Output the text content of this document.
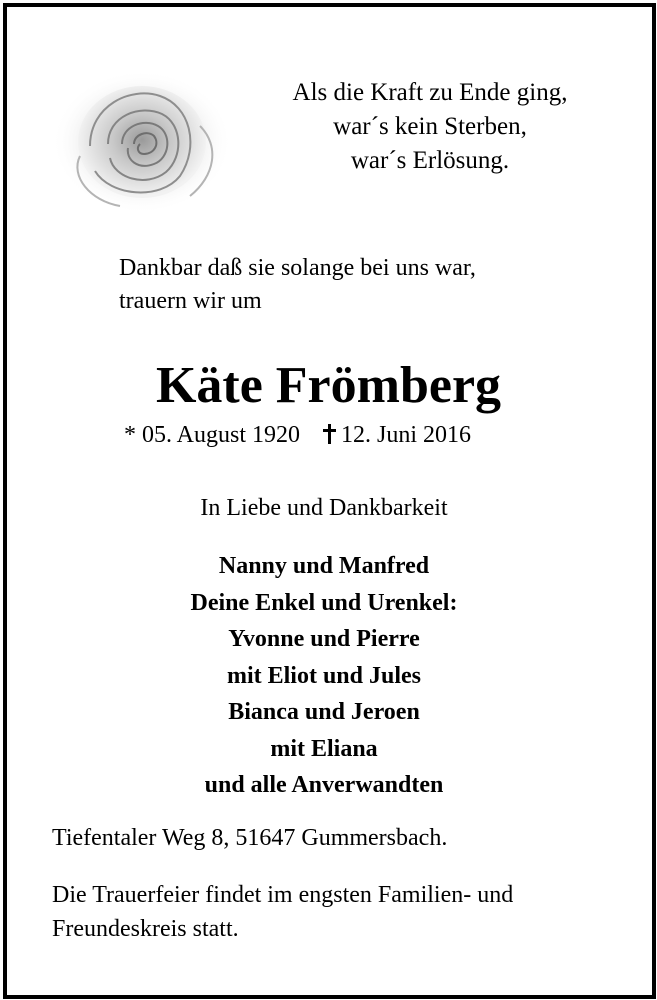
Als die Kraft zu Ende ging,
war´s kein Sterben,
war´s Erlösung.
Dankbar daß sie solange bei uns war,
trauern wir um
Käte Frömberg
* 05. August 1920 12. Juni 2016
In Liebe und Dankbarkeit
Nanny und Manfred
Deine Enkel und Urenkel:
Yvonne und Pierre
mit Eliot und Jules
Bianca und Jeroen
mit Eliana
und alle Anverwandten
Tiefentaler Weg 8, 51647 Gummersbach.
Die Trauerfeier findet im engsten Familien- und
Freundeskreis statt.
